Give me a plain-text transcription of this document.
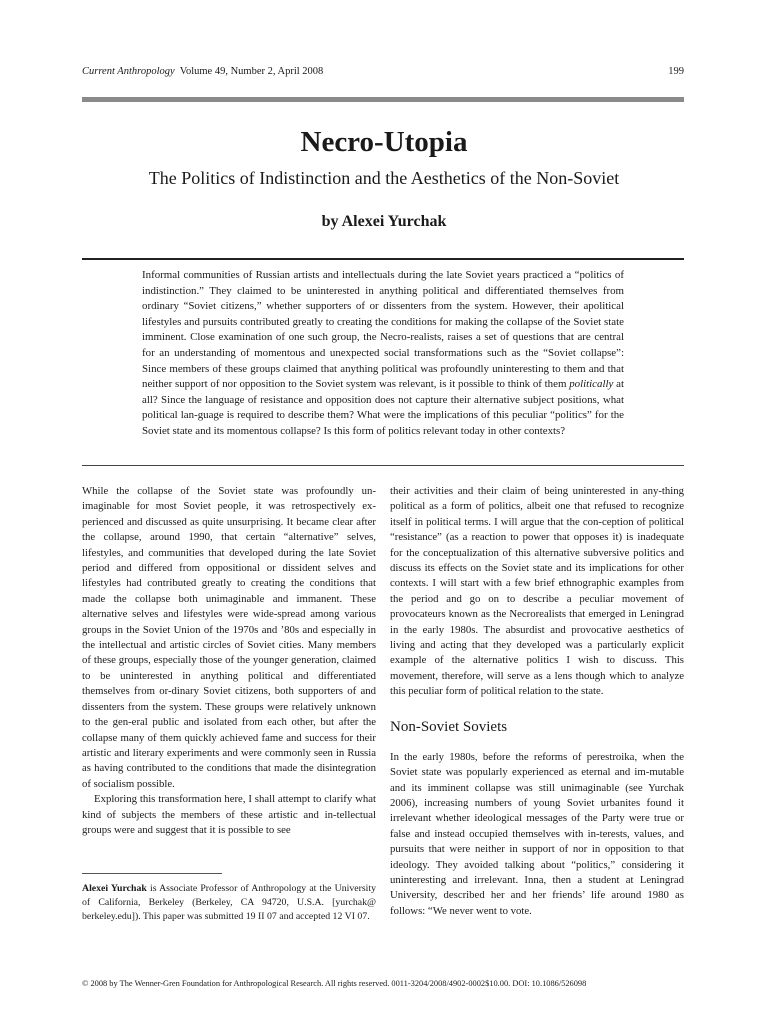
Current Anthropology Volume 49, Number 2, April 2008	199
Necro-Utopia
The Politics of Indistinction and the Aesthetics of the Non-Soviet
by Alexei Yurchak
Informal communities of Russian artists and intellectuals during the late Soviet years practiced a “politics of indistinction.” They claimed to be uninterested in anything political and differentiated themselves from ordinary “Soviet citizens,” whether supporters of or dissenters from the system. However, their apolitical lifestyles and pursuits contributed greatly to creating the conditions for making the collapse of the Soviet state imminent. Close examination of one such group, the Necro-realists, raises a set of questions that are central for an understanding of momentous and unexpected social transformations such as the “Soviet collapse”: Since members of these groups claimed that anything political was profoundly uninteresting to them and that neither support of nor opposition to the Soviet system was relevant, is it possible to think of them politically at all? Since the language of resistance and opposition does not capture their alternative subject positions, what political lan-guage is required to describe them? What were the implications of this peculiar “politics” for the Soviet state and its momentous collapse? Is this form of politics relevant today in other contexts?

While the collapse of the Soviet state was profoundly un-imaginable for most Soviet people, it was retrospectively ex-perienced and discussed as quite unsurprising. It became clear after the collapse, around 1990, that certain “alternative” selves, lifestyles, and communities that developed during the late Soviet period and differed from oppositional or dissident selves and lifestyles had contributed greatly to creating the conditions that made the collapse both unimaginable and immanent. These alternative selves and lifestyles were wide-spread among various groups in the Soviet Union of the 1970s and ’80s and especially in the intellectual and artistic circles of Soviet cities. Many members of these groups, especially those of the younger generation, claimed to be uninterested in anything political and differentiated themselves from or-dinary Soviet citizens, both supporters of and dissenters from the system. These groups were relatively unknown to the gen-eral public and isolated from each other, but after the collapse many of them quickly achieved fame and success for their artistic and literary experiments and were commonly seen in Russia as having contributed to the conditions that made the disintegration of socialism possible.

Exploring this transformation here, I shall attempt to clarify what kind of subjects the members of these artistic and in-tellectual groups were and suggest that it is possible to see

Alexei Yurchak is Associate Professor of Anthropology at the University of California, Berkeley (Berkeley, CA 94720, U.S.A. [yurchak@ berkeley.edu]). This paper was submitted 19 II 07 and accepted 12 VI 07.

their activities and their claim of being uninterested in any-thing political as a form of politics, albeit one that refused to recognize itself in political terms. I will argue that the con-ception of political “resistance” (as a reaction to power that opposes it) is inadequate for the conceptualization of this alternative subversive politics and discuss its effects on the Soviet state and its implications for other contexts. I will start with a few brief ethnographic examples from the period and go on to describe a peculiar movement of provocateurs known as the Necrorealists that emerged in Leningrad in the early 1980s. The absurdist and provocative aesthetics of living and acting that they developed was a particularly explicit example of the alternative politics I wish to discuss. This movement, therefore, will serve as a lens though which to analyze this peculiar form of political relation to the state.

Non-Soviet Soviets

In the early 1980s, before the reforms of perestroika, when the Soviet state was popularly experienced as eternal and im-mutable and its imminent collapse was still unimaginable (see Yurchak 2006), increasing numbers of young Soviet urbanites found it irrelevant whether ideological messages of the Party were true or false and instead occupied themselves with in-terests, values, and pursuits that were neither in support of nor in opposition to that ideology. They avoided talking about “politics,” considering it uninteresting and irrelevant. Inna, then a student at Leningrad University, described her and her friends’ life around 1980 as follows: “We never went to vote.

© 2008 by The Wenner-Gren Foundation for Anthropological Research. All rights reserved. 0011-3204/2008/4902-0002$10.00. DOI: 10.1086/526098
